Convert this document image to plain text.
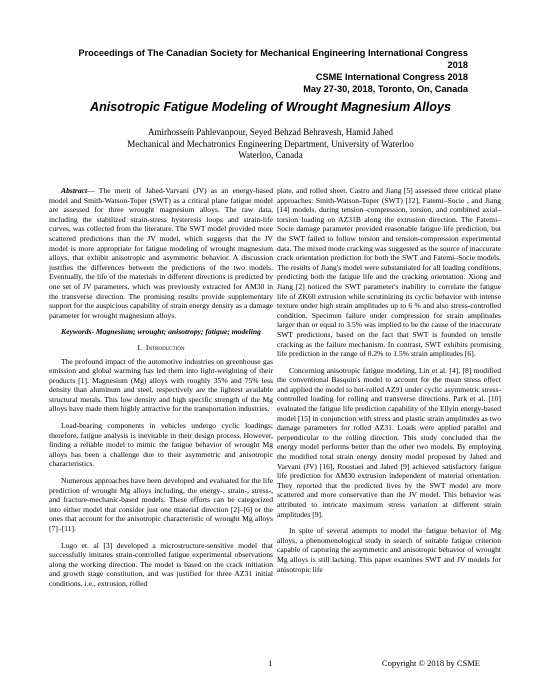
Proceedings of The Canadian Society for Mechanical Engineering International Congress 2018
CSME International Congress 2018
May 27-30, 2018, Toronto, On, Canada
Anisotropic Fatigue Modeling of Wrought Magnesium Alloys
Amirhossein Pahlevanpour, Seyed Behzad Behravesh, Hamid Jahed
Mechanical and Mechatronics Engineering Department, University of Waterloo
Waterloo, Canada

Abstract— The merit of Jahed-Varvani (JV) as an energy-based model and Smith-Watson-Toper (SWT) as a critical plane fatigue model are assessed for three wrought magnesium alloys. The raw data, including the stabilized strain-stress hysteresis loops and strain-life curves, was collected from the literature. The SWT model provided more scattered predictions than the JV model, which suggests that the JV model is more appropriate for fatigue modeling of wrought magnesium alloys, that exhibit anisotropic and asymmetric behavior. A discussion justifies the differences between the predictions of the two models. Eventually, the life of the materials in different directions is predicted by one set of JV parameters, which was previously extracted for AM30 in the transverse direction. The promising results provide supplementary support for the auspicious capability of strain energy density as a damage parameter for wrought magnesium alloys.

Keywords- Magnesium; wrought; anisotropy; fatigue; modeling

I. Introduction

The profound impact of the automotive industries on greenhouse gas emission and global warming has led them into light-weighting of their products [1]. Magnesium (Mg) alloys with roughly 35% and 75% less density than aluminum and steel, respectively are the lightest available structural metals. This low density and high specific strength of the Mg alloys have made them highly attractive for the transportation industries.

Load-bearing components in vehicles undergo cyclic loadings; therefore, fatigue analysis is inevitable in their design process. However, finding a reliable model to mimic the fatigue behavior of wrought Mg alloys has been a challenge due to their asymmetric and anisotropic characteristics.

Numerous approaches have been developed and evaluated for the life prediction of wrought Mg alloys including, the energy-, strain-, stress-, and fracture-mechanic-based models. These efforts can be categorized into either model that consider just one material direction [2]–[6] or the ones that account for the anisotropic characteristic of wrought Mg alloys [7]–[11].

Lugo et. al [3] developed a microstructure-sensitive model that successfully imitates strain-controlled fatigue experimental observations along the working direction. The model is based on the crack initiation and growth stage constitution, and was justified for three AZ31 initial conditions, i.e., extrusion, rolled

plate, and rolled sheet. Castro and Jiang [5] assessed three critical plane approaches: Smith-Watson-Toper (SWT) [12], Fatemi–Socie , and Jiang [14] models, during tension–compression, torsion, and combined axial–torsion loading on AZ31B along the extrusion direction. The Fatemi–Socie damage parameter provided reasonable fatigue life prediction, but the SWT failed to follow torsion and tension-compression experimental data. The mixed mode cracking was suggested as the source of inaccurate crack orientation prediction for both the SWT and Fatemi–Socie models. The results of Jiang's model were substantiated for all loading conditions, predicting both the fatigue life and the cracking orientation. Xiong and Jiang [2] noticed the SWT parameter's inability to correlate the fatigue life of ZK60 extrusion while scrutinizing its cyclic behavior with intense texture under high strain amplitudes up to 6 % and also stress-controlled condition. Specimen failure under compression for strain amplitudes larger than or equal to 3.5% was implied to be the cause of the inaccurate SWT predictions, based on the fact that SWT is founded on tensile cracking as the failure mechanism. In contrast, SWT exhibits promising life prediction in the range of 0.2% to 1.5% strain amplitudes [6].

Concerning anisotropic fatigue modeling, Lin et al. [4], [8] modified the conventional Basquin's model to account for the mean stress effect and applied the model to hot-rolled AZ91 under cyclic asymmetric stress-controlled loading for rolling and transverse directions. Park et al. [10] evaluated the fatigue life prediction capability of the Ellyin energy-based model [15] in conjunction with stress and plastic strain amplitudes as two damage parameters for rolled AZ31. Loads were applied parallel and perpendicular to the rolling direction. This study concluded that the energy model performs better than the other two models. By employing the modified total strain energy density model proposed by Jahed and Varvani (JV) [16], Roostaei and Jahed [9] achieved satisfactory fatigue life prediction for AM30 extrusion independent of material orientation. They reported that the predicted lives by the SWT model are more scattered and more conservative than the JV model. This behavior was attributed to intricate maximum stress variation at different strain amplitudes [9].

In spite of several attempts to model the fatigue behavior of Mg alloys, a phenomenological study in search of suitable fatigue criterion capable of capturing the asymmetric and anisotropic behavior of wrought Mg alloys is still lacking. This paper examines SWT and JV models for anisotropic life

1	Copyright © 2018 by CSME
